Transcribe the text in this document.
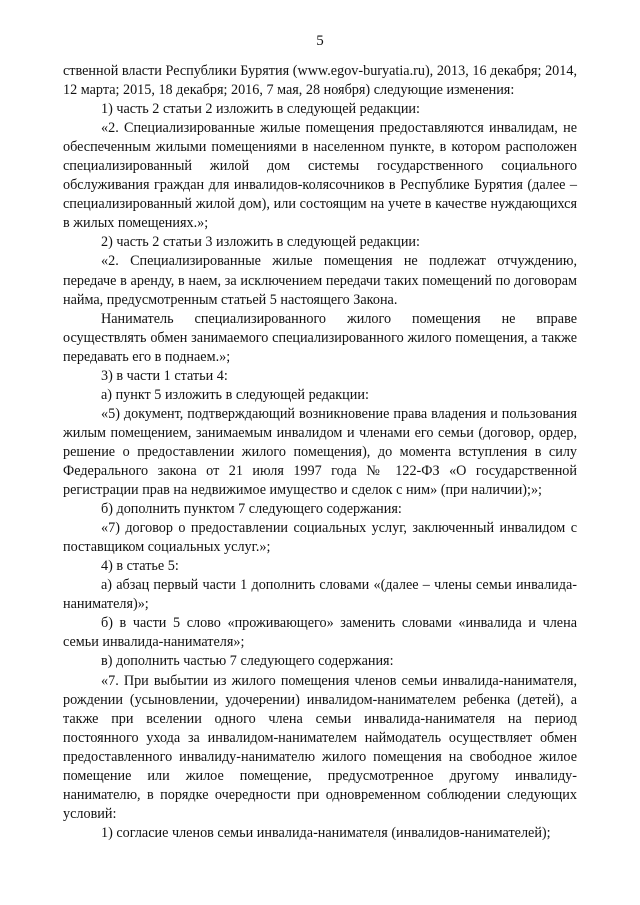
5

ственной власти Республики Бурятия (www.egov-buryatia.ru), 2013, 16 декабря; 2014, 12 марта; 2015, 18 декабря; 2016, 7 мая, 28 ноября) следующие изменения:

1) часть 2 статьи 2 изложить в следующей редакции:

«2. Специализированные жилые помещения предоставляются инвалидам, не обеспеченным жилыми помещениями в населенном пункте, в котором расположен специализированный жилой дом системы государственного социального обслуживания граждан для инвалидов-колясочников в Республике Бурятия (далее – специализированный жилой дом), или состоящим на учете в качестве нуждающихся в жилых помещениях.»;

2) часть 2 статьи 3 изложить в следующей редакции:

«2. Специализированные жилые помещения не подлежат отчуждению, передаче в аренду, в наем, за исключением передачи таких помещений по договорам найма, предусмотренным статьей 5 настоящего Закона.

Наниматель специализированного жилого помещения не вправе осуществлять обмен занимаемого специализированного жилого помещения, а также передавать его в поднаем.»;

3) в части 1 статьи 4:

а) пункт 5 изложить в следующей редакции:

«5) документ, подтверждающий возникновение права владения и пользования жилым помещением, занимаемым инвалидом и членами его семьи (договор, ордер, решение о предоставлении жилого помещения), до момента вступления в силу Федерального закона от 21 июля 1997 года № 122-ФЗ «О государственной регистрации прав на недвижимое имущество и сделок с ним» (при наличии);»;

б) дополнить пунктом 7 следующего содержания:

«7) договор о предоставлении социальных услуг, заключенный инвалидом с поставщиком социальных услуг.»;

4) в статье 5:

а) абзац первый части 1 дополнить словами «(далее – члены семьи инвалида-нанимателя)»;

б) в части 5 слово «проживающего» заменить словами «инвалида и члена семьи инвалида-нанимателя»;

в) дополнить частью 7 следующего содержания:

«7. При выбытии из жилого помещения членов семьи инвалида-нанимателя, рождении (усыновлении, удочерении) инвалидом-нанимателем ребенка (детей), а также при вселении одного члена семьи инвалида-нанимателя на период постоянного ухода за инвалидом-нанимателем наймодатель осуществляет обмен предоставленного инвалиду-нанимателю жилого помещения на свободное жилое помещение или жилое помещение, предусмотренное другому инвалиду-нанимателю, в порядке очередности при одновременном соблюдении следующих условий:

1) согласие членов семьи инвалида-нанимателя (инвалидов-нанимателей);
